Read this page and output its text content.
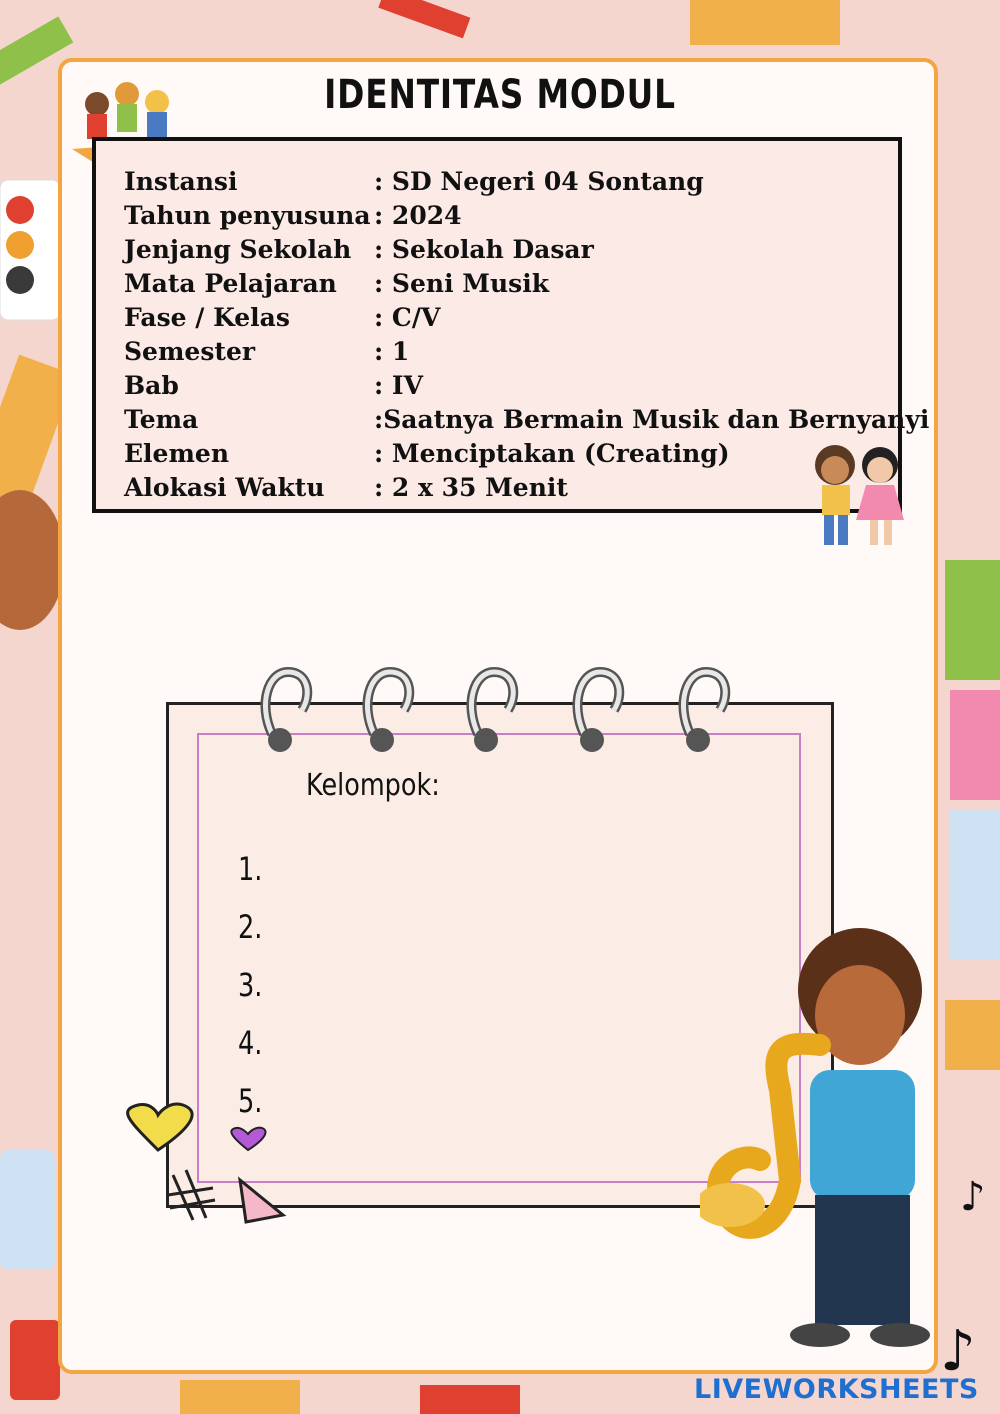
♪
♪
IDENTITAS MODUL
Instansi	: SD Negeri 04 Sontang
Tahun penyusuna : 2024
Jenjang Sekolah : Sekolah Dasar
Mata Pelajaran : Seni Musik
Fase / Kelas	: C/V
Semester	: 1
Bab	: IV
Tema	:Saatnya Bermain Musik dan Bernyanyi
Elemen	: Menciptakan (Creating)
Alokasi Waktu : 2 x 35 Menit
Kelompok:
1.
2.
3.
4.
5.
LIVEWORKSHEETS
